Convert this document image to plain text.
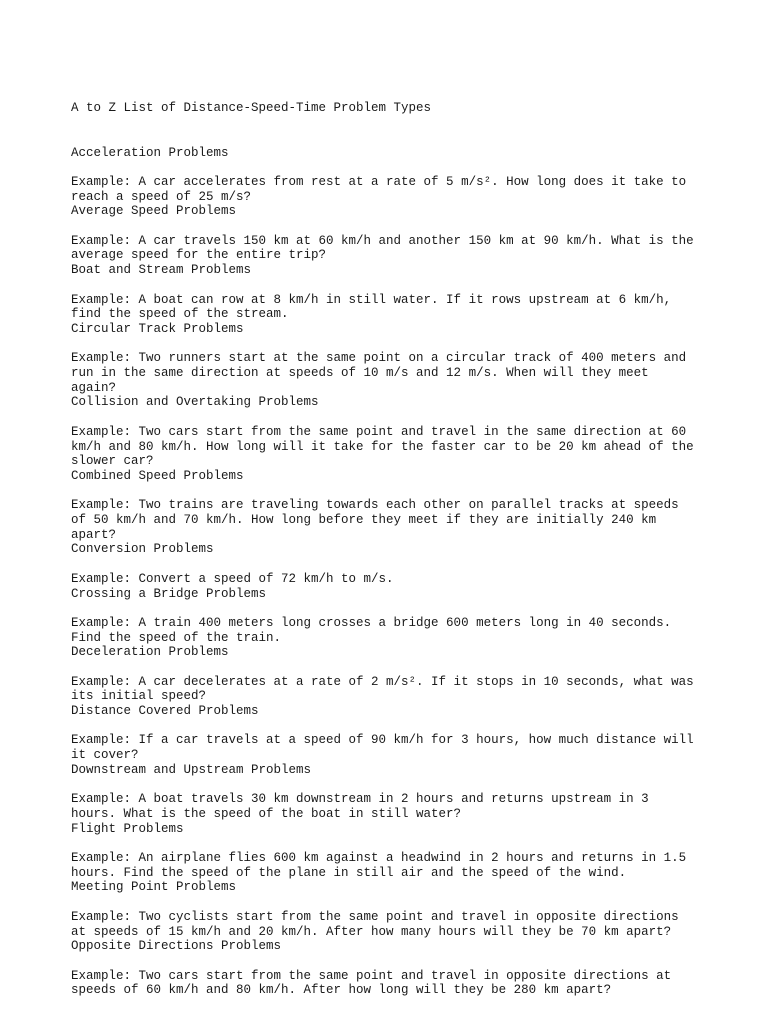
A to Z List of Distance-Speed-Time Problem Types

Acceleration Problems
Example: A car accelerates from rest at a rate of 5 m/s². How long does it take to
reach a speed of 25 m/s?
Average Speed Problems
Example: A car travels 150 km at 60 km/h and another 150 km at 90 km/h. What is the
average speed for the entire trip?
Boat and Stream Problems
Example: A boat can row at 8 km/h in still water. If it rows upstream at 6 km/h,
find the speed of the stream.
Circular Track Problems
Example: Two runners start at the same point on a circular track of 400 meters and
run in the same direction at speeds of 10 m/s and 12 m/s. When will they meet
again?
Collision and Overtaking Problems
Example: Two cars start from the same point and travel in the same direction at 60
km/h and 80 km/h. How long will it take for the faster car to be 20 km ahead of the
slower car?
Combined Speed Problems
Example: Two trains are traveling towards each other on parallel tracks at speeds
of 50 km/h and 70 km/h. How long before they meet if they are initially 240 km
apart?
Conversion Problems
Example: Convert a speed of 72 km/h to m/s.
Crossing a Bridge Problems
Example: A train 400 meters long crosses a bridge 600 meters long in 40 seconds.
Find the speed of the train.
Deceleration Problems
Example: A car decelerates at a rate of 2 m/s². If it stops in 10 seconds, what was
its initial speed?
Distance Covered Problems
Example: If a car travels at a speed of 90 km/h for 3 hours, how much distance will
it cover?
Downstream and Upstream Problems
Example: A boat travels 30 km downstream in 2 hours and returns upstream in 3
hours. What is the speed of the boat in still water?
Flight Problems
Example: An airplane flies 600 km against a headwind in 2 hours and returns in 1.5
hours. Find the speed of the plane in still air and the speed of the wind.
Meeting Point Problems
Example: Two cyclists start from the same point and travel in opposite directions
at speeds of 15 km/h and 20 km/h. After how many hours will they be 70 km apart?
Opposite Directions Problems
Example: Two cars start from the same point and travel in opposite directions at
speeds of 60 km/h and 80 km/h. After how long will they be 280 km apart?
